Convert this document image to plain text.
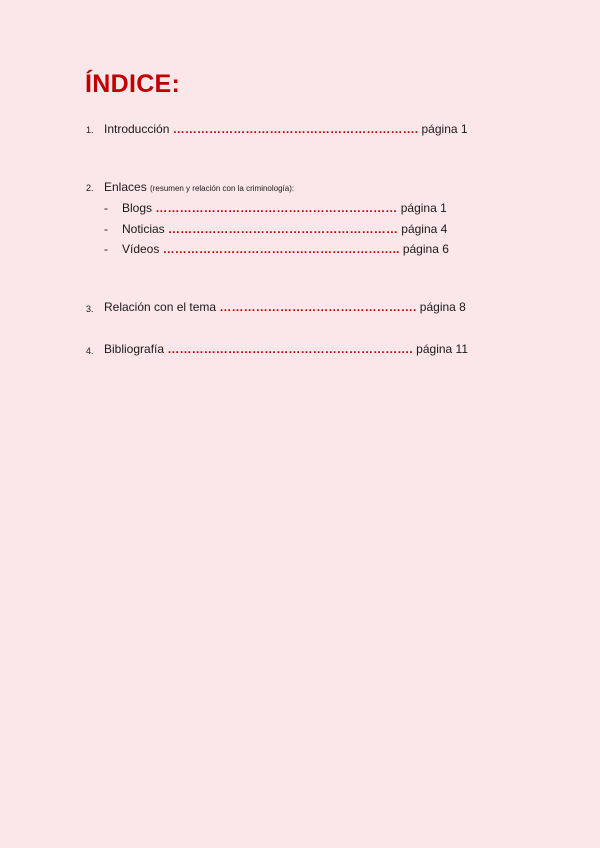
ÍNDICE:
1. Introducción ……………………………………………………. página 1
2. Enlaces (resumen y relación con la criminología):
- Blogs …………………………………………………… página 1
- Noticias ………………………………………………… página 4
- Vídeos ………………………………………………….. página 6
3. Relación con el tema …………………………………………. página 8
4. Bibliografía ……………………………………………………. página 11
